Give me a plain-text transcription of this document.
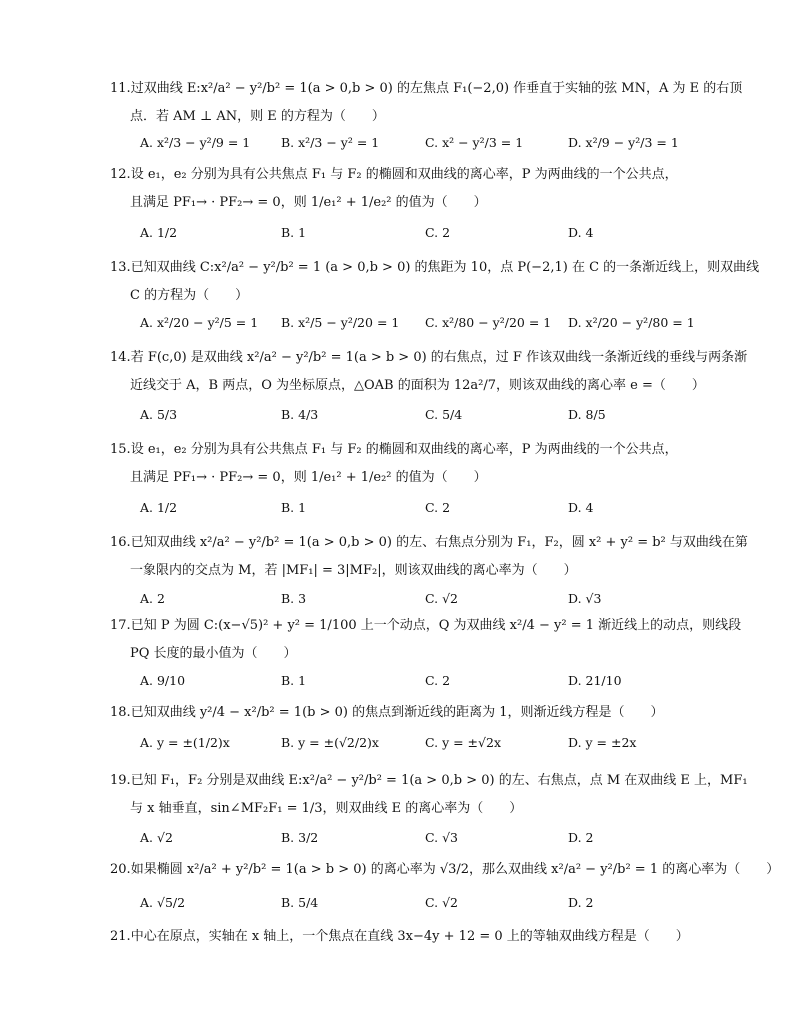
11.过双曲线 E:x²/a² − y²/b² = 1(a > 0,b > 0) 的左焦点 F₁(−2,0) 作垂直于实轴的弦 MN，A 为 E 的右顶
点．若 AM ⊥ AN，则 E 的方程为（　　）
A. x²/3 − y²/9 = 1 B. x²/3 − y² = 1	C. x² − y²/3 = 1	D. x²/9 − y²/3 = 1
12.设 e₁，e₂ 分别为具有公共焦点 F₁ 与 F₂ 的椭圆和双曲线的离心率，P 为两曲线的一个公共点，
且满足 PF₁→ · PF₂→ = 0，则 1/e₁² + 1/e₂² 的值为（　　）
A. 1/2	B. 1	C. 2	D. 4
13.已知双曲线 C:x²/a² − y²/b² = 1 (a > 0,b > 0) 的焦距为 10，点 P(−2,1) 在 C 的一条渐近线上，则双曲线
C 的方程为（　　）
A. x²/20 − y²/5 = 1 B. x²/5 − y²/20 = 1 C. x²/80 − y²/20 = 1 D. x²/20 − y²/80 = 1
14.若 F(c,0) 是双曲线 x²/a² − y²/b² = 1(a > b > 0) 的右焦点，过 F 作该双曲线一条渐近线的垂线与两条渐
近线交于 A，B 两点，O 为坐标原点，△OAB 的面积为 12a²/7，则该双曲线的离心率 e =（　　）
A. 5/3	B. 4/3	C. 5/4	D. 8/5
15.设 e₁，e₂ 分别为具有公共焦点 F₁ 与 F₂ 的椭圆和双曲线的离心率，P 为两曲线的一个公共点，
且满足 PF₁→ · PF₂→ = 0，则 1/e₁² + 1/e₂² 的值为（　　）
A. 1/2	B. 1	C. 2	D. 4
16.已知双曲线 x²/a² − y²/b² = 1(a > 0,b > 0) 的左、右焦点分别为 F₁，F₂，圆 x² + y² = b² 与双曲线在第
一象限内的交点为 M，若 |MF₁| = 3|MF₂|，则该双曲线的离心率为（　　）
A. 2	B. 3	C. √2	D. √3
17.已知 P 为圆 C:(x−√5)² + y² = 1/100 上一个动点，Q 为双曲线 x²/4 − y² = 1 渐近线上的动点，则线段
PQ 长度的最小值为（　　）
A. 9/10	B. 1	C. 2	D. 21/10
18.已知双曲线 y²/4 − x²/b² = 1(b > 0) 的焦点到渐近线的距离为 1，则渐近线方程是（　　）
A. y = ±(1/2)x	B. y = ±(√2/2)x	C. y = ±√2x	D. y = ±2x
19.已知 F₁，F₂ 分别是双曲线 E:x²/a² − y²/b² = 1(a > 0,b > 0) 的左、右焦点，点 M 在双曲线 E 上，MF₁
与 x 轴垂直，sin∠MF₂F₁ = 1/3，则双曲线 E 的离心率为（　　）
A. √2	B. 3/2	C. √3	D. 2
20.如果椭圆 x²/a² + y²/b² = 1(a > b > 0) 的离心率为 √3/2，那么双曲线 x²/a² − y²/b² = 1 的离心率为（　　）
A. √5/2	B. 5/4	C. √2	D. 2
21.中心在原点，实轴在 x 轴上，一个焦点在直线 3x−4y + 12 = 0 上的等轴双曲线方程是（　　）
